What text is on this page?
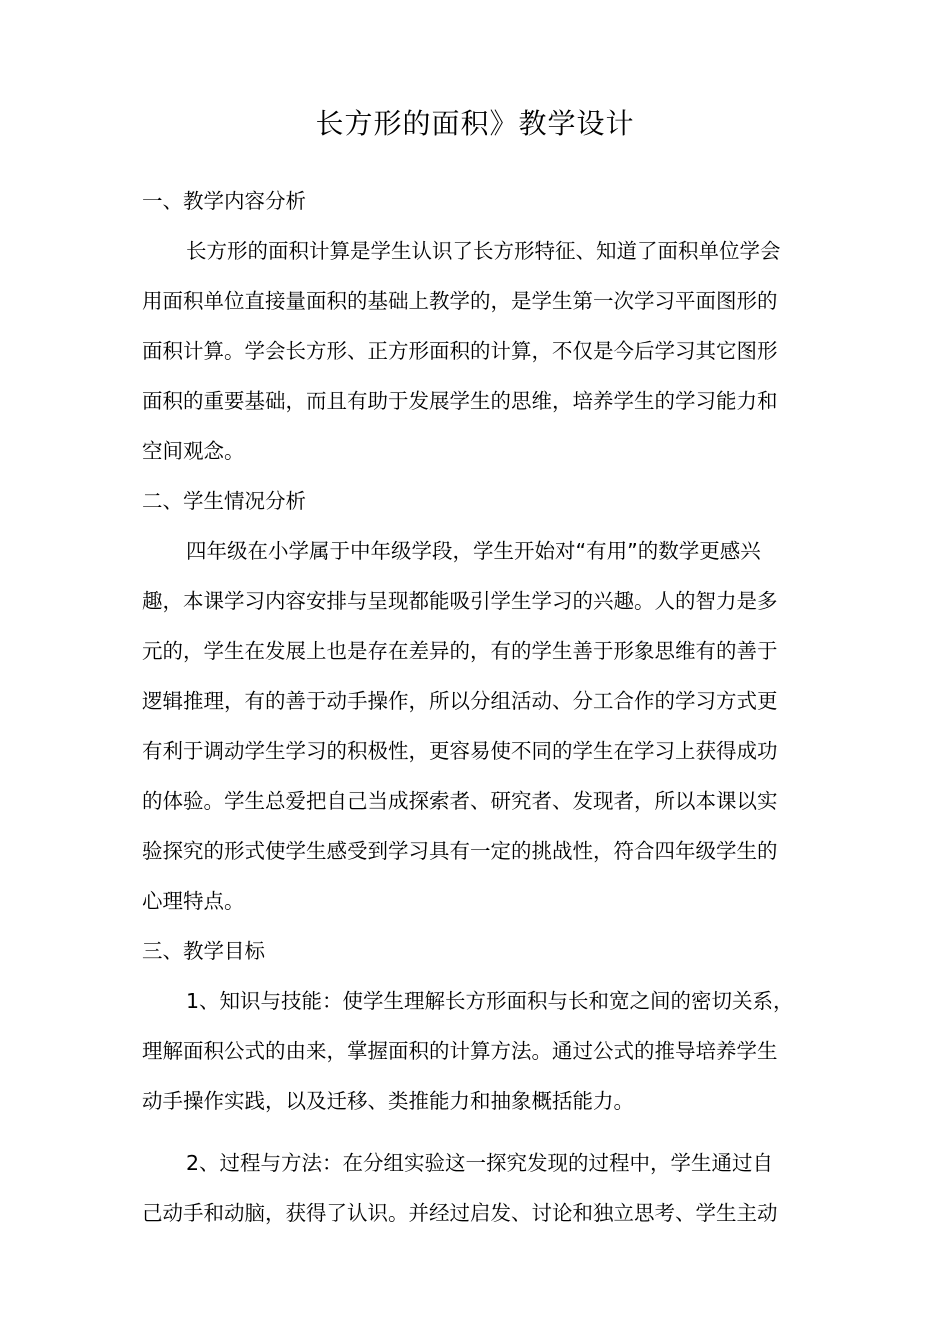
长方形的面积》教学设计
一、教学内容分析
长方形的面积计算是学生认识了长方形特征、知道了面积单位学会
用面积单位直接量面积的基础上教学的，是学生第一次学习平面图形的
面积计算。学会长方形、正方形面积的计算，不仅是今后学习其它图形
面积的重要基础，而且有助于发展学生的思维，培养学生的学习能力和
空间观念。
二、学生情况分析
四年级在小学属于中年级学段，学生开始对“有用”的数学更感兴
趣，本课学习内容安排与呈现都能吸引学生学习的兴趣。人的智力是多
元的，学生在发展上也是存在差异的，有的学生善于形象思维有的善于
逻辑推理，有的善于动手操作，所以分组活动、分工合作的学习方式更
有利于调动学生学习的积极性，更容易使不同的学生在学习上获得成功
的体验。学生总爱把自己当成探索者、研究者、发现者，所以本课以实
验探究的形式使学生感受到学习具有一定的挑战性，符合四年级学生的
心理特点。
三、教学目标
1、知识与技能：使学生理解长方形面积与长和宽之间的密切关系，
理解面积公式的由来，掌握面积的计算方法。通过公式的推导培养学生
动手操作实践，以及迁移、类推能力和抽象概括能力。
2、过程与方法：在分组实验这一探究发现的过程中，学生通过自
己动手和动脑，获得了认识。并经过启发、讨论和独立思考、学生主动
